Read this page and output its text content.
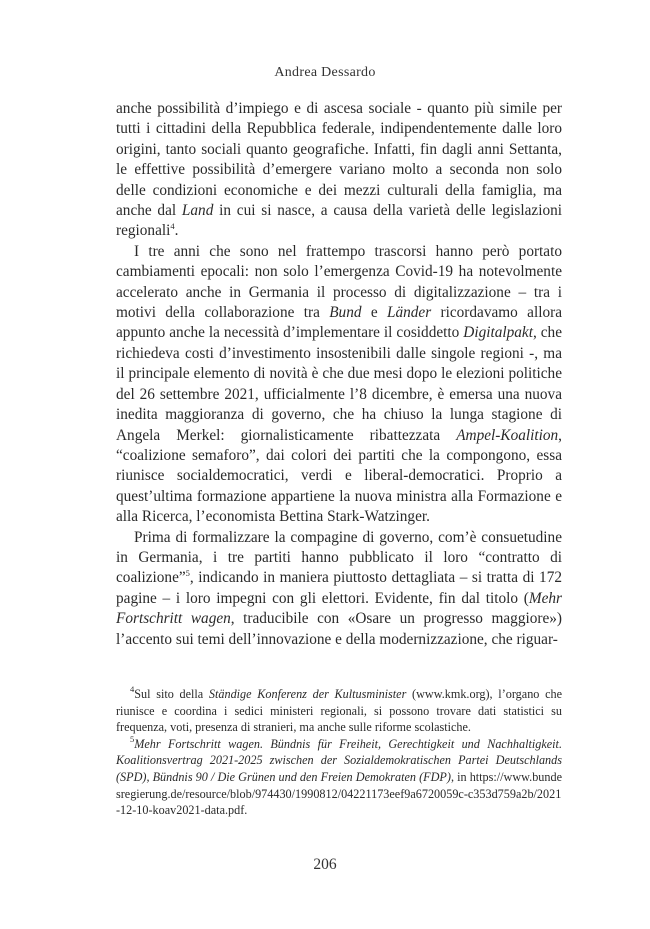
Andrea Dessardo

anche possibilità d’impiego e di ascesa sociale - quanto più simile per tutti i cittadini della Repubblica federale, indipendentemente dalle loro origini, tanto sociali quanto geografiche. Infatti, fin dagli anni Settanta, le effettive possibilità d’emergere variano molto a seconda non solo delle condizioni economiche e dei mezzi culturali della famiglia, ma anche dal Land in cui si nasce, a causa della varietà delle legislazioni regionali$^4$.

I tre anni che sono nel frattempo trascorsi hanno però portato cambiamenti epocali: non solo l’emergenza Covid-19 ha notevolmente accelerato anche in Germania il processo di digitalizzazione – tra i motivi della collaborazione tra Bund e Länder ricordavamo allora appunto anche la necessità d’implementare il cosiddetto Digitalpakt, che richiedeva costi d’investimento insostenibili dalle singole regioni -, ma il principale elemento di novità è che due mesi dopo le elezioni politiche del 26 settembre 2021, ufficialmente l’8 dicembre, è emersa una nuova inedita maggioranza di governo, che ha chiuso la lunga stagione di Angela Merkel: giornalisticamente ribattezzata Ampel-Koalition, “coalizione semaforo”, dai colori dei partiti che la compongono, essa riunisce socialdemocratici, verdi e liberal-democratici. Proprio a quest’ultima formazione appartiene la nuova ministra alla Formazione e alla Ricerca, l’economista Bettina Stark-Watzinger.

Prima di formalizzare la compagine di governo, com’è consuetudine in Germania, i tre partiti hanno pubblicato il loro “contratto di coalizione”$^5$, indicando in maniera piuttosto dettagliata – si tratta di 172 pagine – i loro impegni con gli elettori. Evidente, fin dal titolo (Mehr Fortschritt wagen, traducibile con «Osare un progresso maggiore») l’accento sui temi dell’innovazione e della modernizzazione, che riguar-

$^4$Sul sito della Ständige Konferenz der Kultusminister (www.kmk.org), l’organo che riunisce e coordina i sedici ministeri regionali, si possono trovare dati statistici su frequenza, voti, presenza di stranieri, ma anche sulle riforme scolastiche.

$^5$Mehr Fortschritt wagen. Bündnis für Freiheit, Gerechtigkeit und Nachhaltigkeit. Koalitionsvertrag 2021-2025 zwischen der Sozialdemokratischen Partei Deutschlands (SPD), Bündnis 90 / Die Grünen und den Freien Demokraten (FDP), in https://www.bundesregierung.de/resource/blob/974430/1990812/04221173eef9a6720059c-c353d759a2b/2021-12-10-koav2021-data.pdf.

206
